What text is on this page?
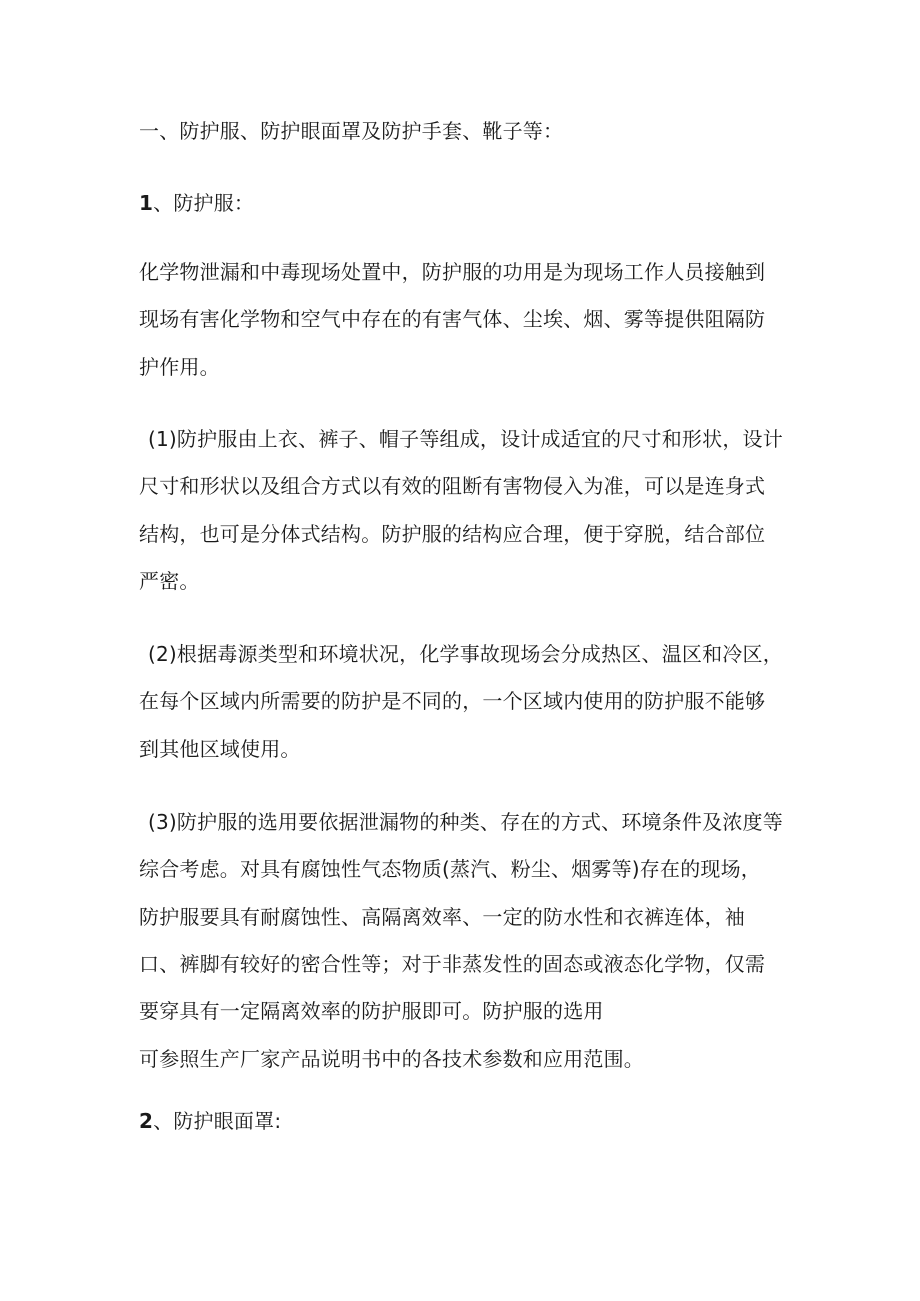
一、防护服、防护眼面罩及防护手套、靴子等：
1、防护服：
化学物泄漏和中毒现场处置中，防护服的功用是为现场工作人员接触到
现场有害化学物和空气中存在的有害气体、尘埃、烟、雾等提供阻隔防
护作用。
(1)防护服由上衣、裤子、帽子等组成，设计成适宜的尺寸和形状，设计
尺寸和形状以及组合方式以有效的阻断有害物侵入为准，可以是连身式
结构，也可是分体式结构。防护服的结构应合理，便于穿脱，结合部位
严密。
(2)根据毒源类型和环境状况，化学事故现场会分成热区、温区和冷区，
在每个区域内所需要的防护是不同的，一个区域内使用的防护服不能够
到其他区域使用。
(3)防护服的选用要依据泄漏物的种类、存在的方式、环境条件及浓度等
综合考虑。对具有腐蚀性气态物质(蒸汽、粉尘、烟雾等)存在的现场，
防护服要具有耐腐蚀性、高隔离效率、一定的防水性和衣裤连体，袖
口、裤脚有较好的密合性等；对于非蒸发性的固态或液态化学物，仅需
要穿具有一定隔离效率的防护服即可。防护服的选用
可参照生产厂家产品说明书中的各技术参数和应用范围。
2、防护眼面罩:
